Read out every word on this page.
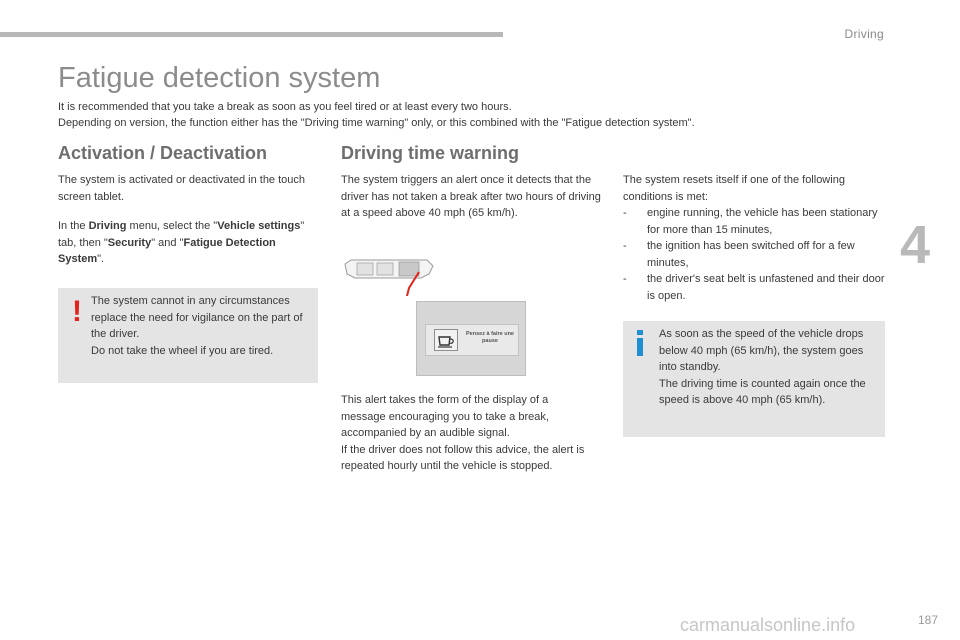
Driving
4
Fatigue detection system

It is recommended that you take a break as soon as you feel tired or at least every two hours.

Depending on version, the function either has the "Driving time warning" only, or this combined with the "Fatigue detection system".

Activation / Deactivation

The system is activated or deactivated in the touch screen tablet.

In the Driving menu, select the "Vehicle settings" tab, then "Security" and "Fatigue Detection System".

! The system cannot in any circumstances replace the need for vigilance on the part of the driver.

Do not take the wheel if you are tired.

Driving time warning

The system triggers an alert once it detects that the driver has not taken a break after two hours of driving at a speed above 40 mph (65 km/h).

Pensez à faire une pause

This alert takes the form of the display of a message encouraging you to take a break, accompanied by an audible signal.

If the driver does not follow this advice, the alert is repeated hourly until the vehicle is stopped.

The system resets itself if one of the following conditions is met:

- engine running, the vehicle has been stationary for more than 15 minutes,
- the ignition has been switched off for a few minutes,
- the driver's seat belt is unfastened and their door is open.

As soon as the speed of the vehicle drops below 40 mph (65 km/h), the system goes into standby.

The driving time is counted again once the speed is above 40 mph (65 km/h).

carmanualsonline.info	187
